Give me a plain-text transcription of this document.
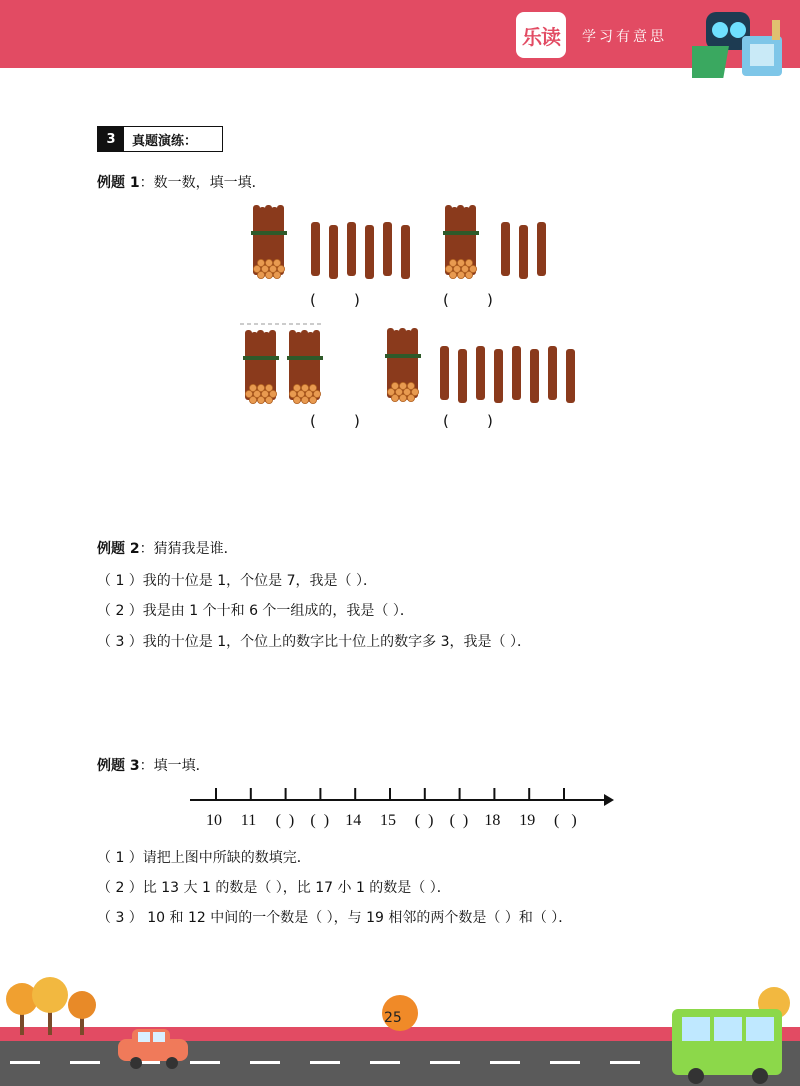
乐读	学习有意思
3	真题演练：
例题 1：数一数，填一填．
(        )	(        )
(        )	(        )
例题 2：猜猜我是谁．
（ 1 ）我的十位是 1，个位是 7，我是（ ）．
（ 2 ）我是由 1 个十和 6 个一组成的，我是（ ）．
（ 3 ）我的十位是 1，个位上的数字比十位上的数字多 3，我是（ ）．
例题 3：填一填．
10 11 (  ) (  ) 14 15 (  ) (  ) 18 19 (   )
（ 1 ）请把上图中所缺的数填完．
（ 2 ）比 13 大 1 的数是（ ），比 17 小 1 的数是（ ）．
（ 3 ） 10 和 12 中间的一个数是（ ），与 19 相邻的两个数是（ ）和（ ）．
25
